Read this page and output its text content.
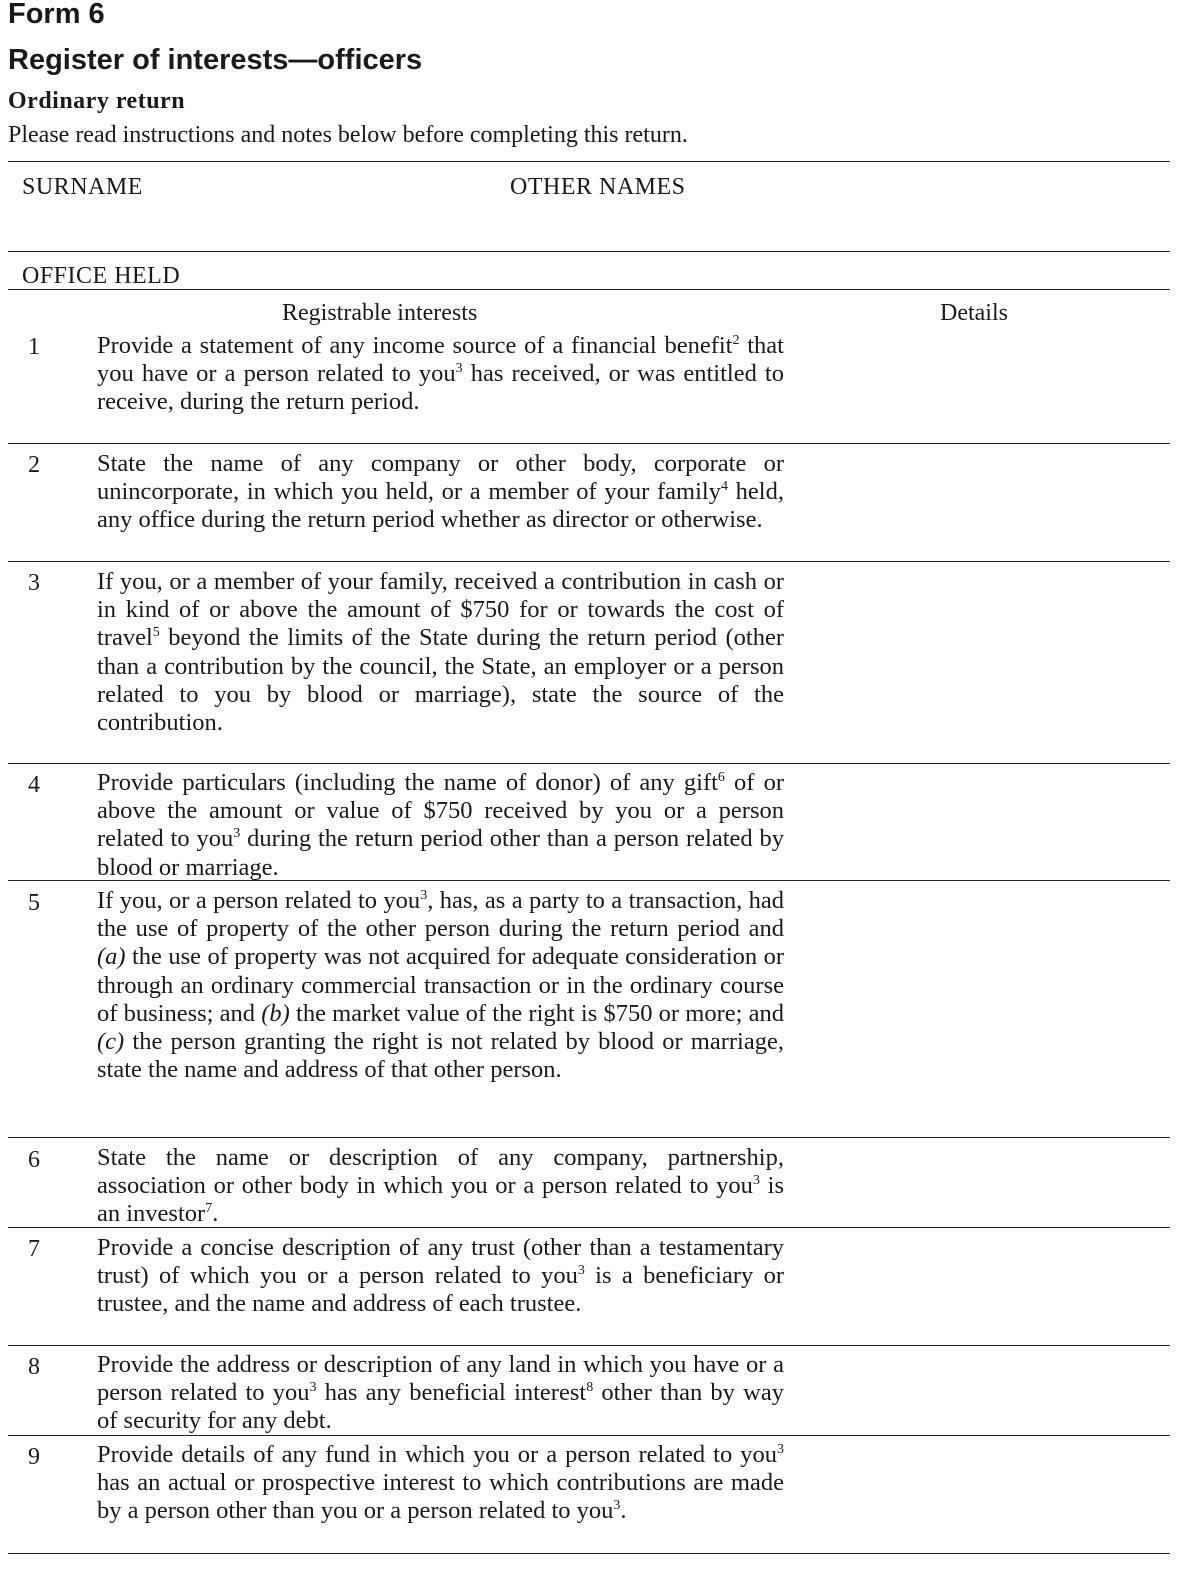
Form 6
Register of interests—officers
Ordinary return
Please read instructions and notes below before completing this return.
SURNAME	OTHER NAMES
OFFICE HELD
Registrable interests	Details
1 Provide a statement of any income source of a financial benefit$^2$ that you have or a person related to you$^3$ has received, or was entitled to receive, during the return period.
2 State the name of any company or other body, corporate or unincorporate, in which you held, or a member of your family$^4$ held, any office during the return period whether as director or otherwise.
3 If you, or a member of your family, received a contribution in cash or in kind of or above the amount of $750 for or towards the cost of travel$^5$ beyond the limits of the State during the return period (other than a contribution by the council, the State, an employer or a person related to you by blood or marriage), state the source of the contribution.
4 Provide particulars (including the name of donor) of any gift$^6$ of or above the amount or value of $750 received by you or a person related to you$^3$ during the return period other than a person related by blood or marriage.
5 If you, or a person related to you$^3$, has, as a party to a transaction, had the use of property of the other person during the return period and (a) the use of property was not acquired for adequate consideration or through an ordinary commercial transaction or in the ordinary course of business; and (b) the market value of the right is $750 or more; and (c) the person granting the right is not related by blood or marriage, state the name and address of that other person.
6 State the name or description of any company, partnership, association or other body in which you or a person related to you$^3$ is an investor$^7$.
7 Provide a concise description of any trust (other than a testamentary trust) of which you or a person related to you$^3$ is a beneficiary or trustee, and the name and address of each trustee.
8 Provide the address or description of any land in which you have or a person related to you$^3$ has any beneficial interest$^8$ other than by way of security for any debt.
9 Provide details of any fund in which you or a person related to you$^3$ has an actual or prospective interest to which contributions are made by a person other than you or a person related to you$^3$.
